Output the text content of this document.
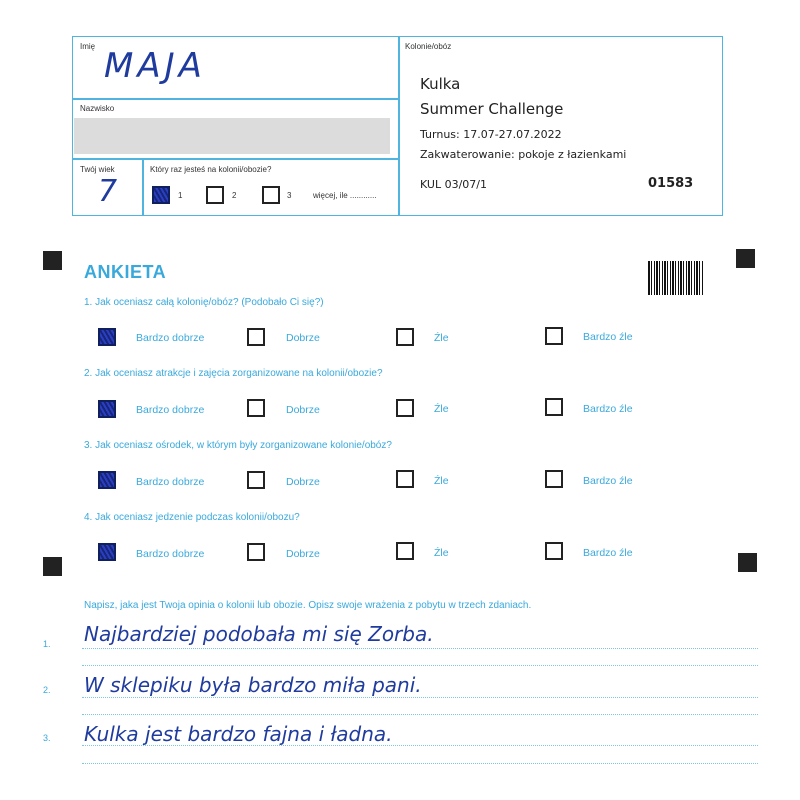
Imię MAJA
Nazwisko
Twój wiek
7
Który raz jesteś na kolonii/obozie?
1	2	3	więcej, ile ............
Kolonie/obóz
Kulka
Summer Challenge
Turnus: 17.07-27.07.2022
Zakwaterowanie: pokoje z łazienkami
KUL 03/07/1	01583
ANKIETA
1. Jak oceniasz całą kolonię/obóz? (Podobało Ci się?)
Bardzo dobrze	Dobrze	Źle	Bardzo źle
2. Jak oceniasz atrakcje i zajęcia zorganizowane na kolonii/obozie?
Bardzo dobrze	Dobrze	Źle	Bardzo źle
3. Jak oceniasz ośrodek, w którym były zorganizowane kolonie/obóz?
Bardzo dobrze	Dobrze	Źle	Bardzo źle
4. Jak oceniasz jedzenie podczas kolonii/obozu?
Bardzo dobrze	Dobrze	Źle	Bardzo źle
Napisz, jaka jest Twoja opinia o kolonii lub obozie. Opisz swoje wrażenia z pobytu w trzech zdaniach.
1. Najbardziej podobała mi się Zorba.
2. W sklepiku była bardzo miła pani.
3. Kulka jest bardzo fajna i ładna.
